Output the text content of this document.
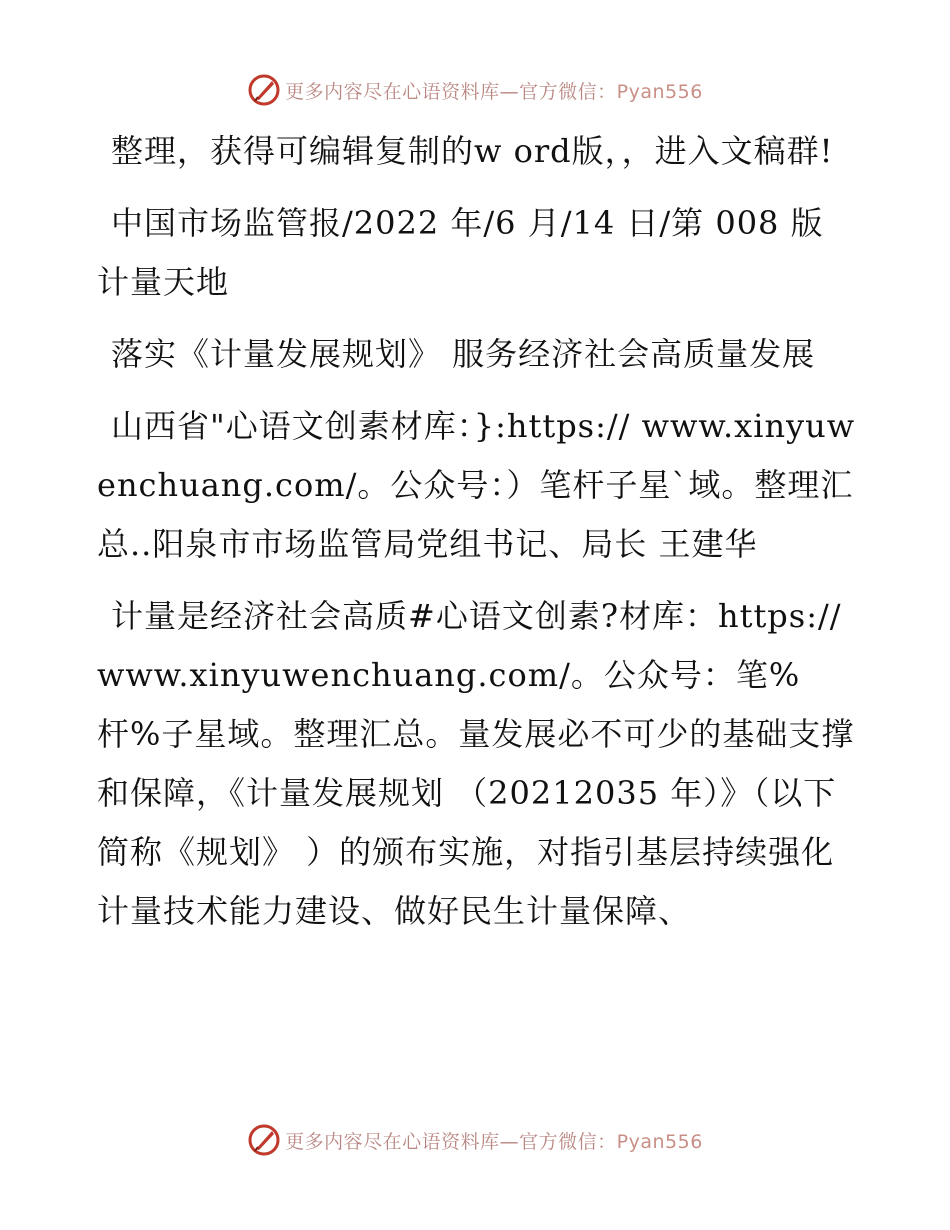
更多内容尽在心语资料库—官方微信：Pyan556

整理，获得可编辑复制的w ord版，，进入文稿群!

中国市场监管报/2022 年/6 月/14 日/第 008 版 计量天地

落实《计量发展规划》 服务经济社会高质量发展

山西省"心语文创素材库：}:https:// www.xinyuwenchuang.com/。公众号：）笔杆子星`域。整理汇总..阳泉市市场监管局党组书记、局长 王建华

计量是经济社会高质#心语文创素?材库：https://www.xinyuwenchuang.com/。公众号：笔%杆%子星域。整理汇总。量发展必不可少的基础支撑和保障，《计量发展规划 （20212035 年）》（以下简称《规划》 ）的颁布实施，对指引基层持续强化计量技术能力建设、做好民生计量保障、

更多内容尽在心语资料库—官方微信：Pyan556
